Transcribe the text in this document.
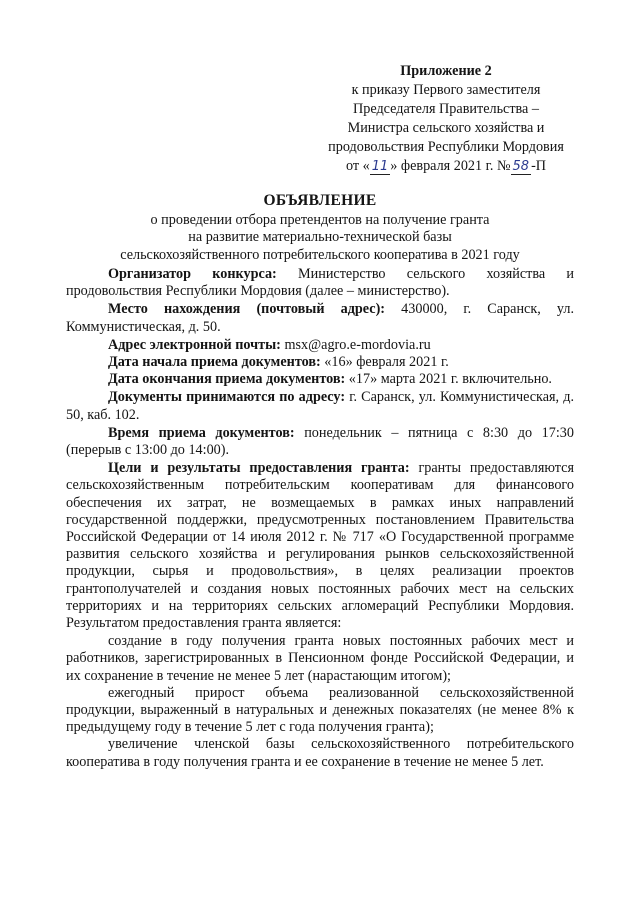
Приложение 2
к приказу Первого заместителя
Председателя Правительства –
Министра сельского хозяйства и
продовольствия Республики Мордовия
от « 11 » февраля 2021 г. № 58 -П
ОБЪЯВЛЕНИЕ
о проведении отбора претендентов на получение гранта
на развитие материально-технической базы
сельскохозяйственного потребительского кооператива в 2021 году

Организатор конкурса: Министерство сельского хозяйства и продовольствия Республики Мордовия (далее – министерство).

Место нахождения (почтовый адрес): 430000, г. Саранск, ул. Коммунистическая, д. 50.

Адрес электронной почты: msx@agro.e-mordovia.ru

Дата начала приема документов: «16» февраля 2021 г.

Дата окончания приема документов: «17» марта 2021 г. включительно.

Документы принимаются по адресу: г. Саранск, ул. Коммунистическая, д. 50, каб. 102.

Время приема документов: понедельник – пятница с 8:30 до 17:30 (перерыв с 13:00 до 14:00).

Цели и результаты предоставления гранта: гранты предоставляются сельскохозяйственным потребительским кооперативам для финансового обеспечения их затрат, не возмещаемых в рамках иных направлений государственной поддержки, предусмотренных постановлением Правительства Российской Федерации от 14 июля 2012 г. № 717 «О Государственной программе развития сельского хозяйства и регулирования рынков сельскохозяйственной продукции, сырья и продовольствия», в целях реализации проектов грантополучателей и создания новых постоянных рабочих мест на сельских территориях и на территориях сельских агломераций Республики Мордовия. Результатом предоставления гранта является:

создание в году получения гранта новых постоянных рабочих мест и работников, зарегистрированных в Пенсионном фонде Российской Федерации, и их сохранение в течение не менее 5 лет (нарастающим итогом);

ежегодный прирост объема реализованной сельскохозяйственной продукции, выраженный в натуральных и денежных показателях (не менее 8% к предыдущему году в течение 5 лет с года получения гранта);

увеличение членской базы сельскохозяйственного потребительского кооператива в году получения гранта и ее сохранение в течение не менее 5 лет.
